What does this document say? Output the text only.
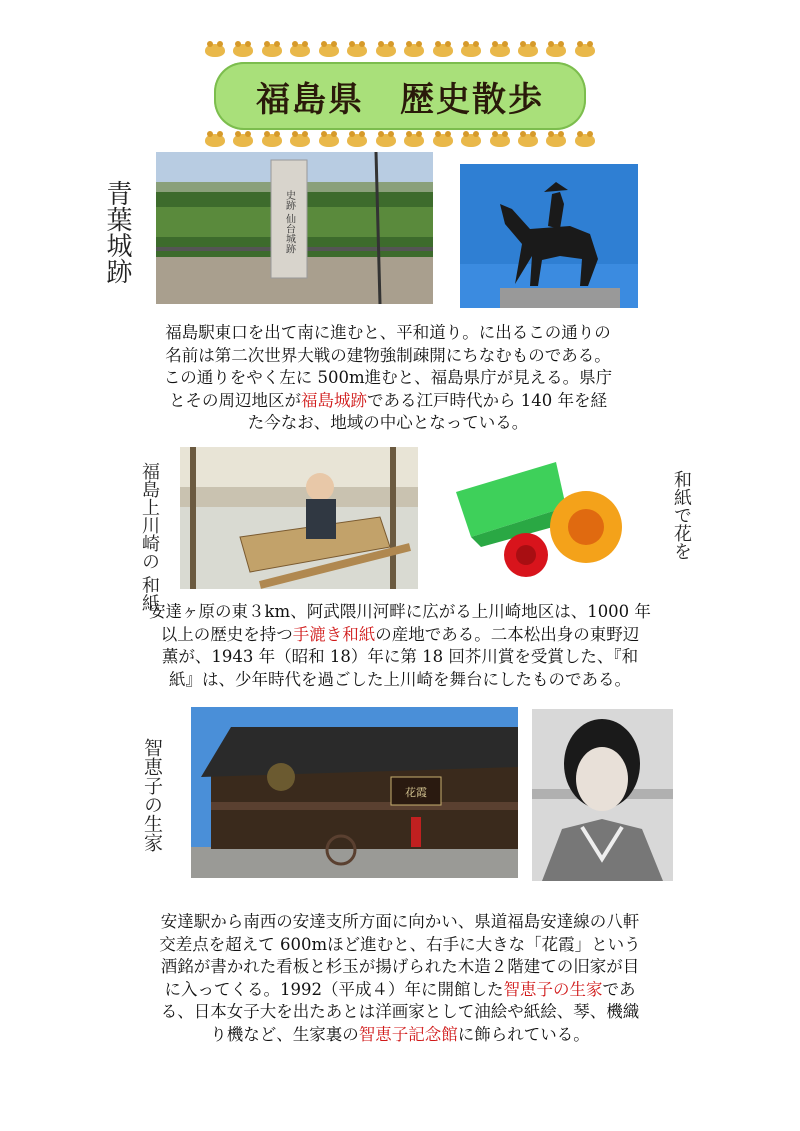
福島県　歴史散歩
青葉城跡	史跡 仙台城跡
福島駅東口を出て南に進むと、平和道り。に出るこの通りの
名前は第二次世界大戦の建物強制疎開にちなむものである。
この通りをやく左に 500m進むと、福島県庁が見える。県庁
とその周辺地区が福島城跡である江戸時代から 140 年を経
た今なお、地域の中心となっている。
福島上川崎の 和紙
和紙で花を
安達ヶ原の東３km、阿武隈川河畔に広がる上川崎地区は、1000 年
以上の歴史を持つ手漉き和紙の産地である。二本松出身の東野辺
薫が、1943 年（昭和 18）年に第 18 回芥川賞を受賞した、『和
紙』は、少年時代を過ごした上川崎を舞台にしたものである。
智恵子の生家	花霞
安達駅から南西の安達支所方面に向かい、県道福島安達線の八軒
交差点を超えて 600mほど進むと、右手に大きな「花霞」という
酒銘が書かれた看板と杉玉が揚げられた木造２階建ての旧家が目
に入ってくる。1992（平成４）年に開館した智恵子の生家であ
る、日本女子大を出たあとは洋画家として油絵や紙絵、琴、機織
り機など、生家裏の智恵子記念館に飾られている。
